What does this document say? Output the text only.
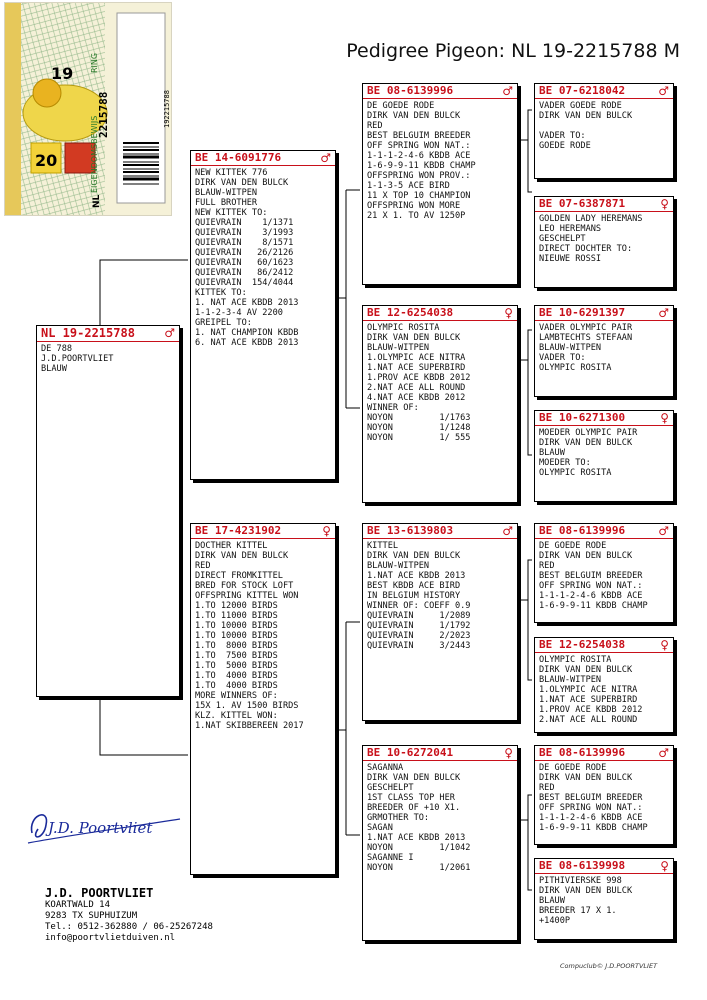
Pedigree Pigeon: NL 19-2215788 M
20
19
NL
2215788	192215788
EIGENDOMSBEWIJS
RING
NL 19-2215788 ♂
DE 788
J.D.POORTVLIET
BLAUW
BE 14-6091776	♂
NEW KITTEK 776
DIRK VAN DEN BULCK
BLAUW-WITPEN
FULL BROTHER
NEW KITTEK TO:
QUIEVRAIN    1/1371
QUIEVRAIN    3/1993
QUIEVRAIN    8/1571
QUIEVRAIN   26/2126
QUIEVRAIN   60/1623
QUIEVRAIN   86/2412
QUIEVRAIN  154/4044
KITTEK TO:
1. NAT ACE KBDB 2013
1-1-2-3-4 AV 2200
GREIPEL TO:
1. NAT CHAMPION KBDB
6. NAT ACE KBDB 2013
BE 17-4231902	♀
DOCTHER KITTEL
DIRK VAN DEN BULCK
RED
DIRECT FROMKITTEL
BRED FOR STOCK LOFT
OFFSPRING KITTEL WON
1.TO 12000 BIRDS
1.TO 11000 BIRDS
1.TO 10000 BIRDS
1.TO 10000 BIRDS
1.TO  8000 BIRDS
1.TO  7500 BIRDS
1.TO  5000 BIRDS
1.TO  4000 BIRDS
1.TO  4000 BIRDS
MORE WINNERS OF:
15X 1. AV 1500 BIRDS
KLZ. KITTEL WON:
1.NAT SKIBBEREEN 2017
BE 08-6139996	♂
DE GOEDE RODE
DIRK VAN DEN BULCK
RED
BEST BELGUIM BREEDER
OFF SPRING WON NAT.:
1-1-1-2-4-6 KBDB ACE
1-6-9-9-11 KBDB CHAMP
OFFSPRING WON PROV.:
1-1-3-5 ACE BIRD
11 X TOP 10 CHAMPION
OFFSPRING WON MORE
21 X 1. TO AV 1250P
BE 12-6254038	♀
OLYMPIC ROSITA
DIRK VAN DEN BULCK
BLAUW-WITPEN
1.OLYMPIC ACE NITRA
1.NAT ACE SUPERBIRD
1.PROV ACE KBDB 2012
2.NAT ACE ALL ROUND
4.NAT ACE KBDB 2012
WINNER OF:
NOYON         1/1763
NOYON         1/1248
NOYON         1/ 555
BE 13-6139803	♂
KITTEL
DIRK VAN DEN BULCK
BLAUW-WITPEN
1.NAT ACE KBDB 2013
BEST KBDB ACE BIRD
IN BELGIUM HISTORY
WINNER OF: COEFF 0.9
QUIEVRAIN     1/2089
QUIEVRAIN     1/1792
QUIEVRAIN     2/2023
QUIEVRAIN     3/2443
BE 10-6272041	♀
SAGANNA
DIRK VAN DEN BULCK
GESCHELPT
1ST CLASS TOP HER
BREEDER OF +10 X1.
GRMOTHER TO:
SAGAN
1.NAT ACE KBDB 2013
NOYON         1/1042
SAGANNE I
NOYON         1/2061
BE 07-6218042	♂
VADER GOEDE RODE
DIRK VAN DEN BULCK
VADER TO:
GOEDE RODE
BE 07-6387871	♀
GOLDEN LADY HEREMANS
LEO HEREMANS
GESCHELPT
DIRECT DOCHTER TO:
NIEUWE ROSSI
BE 10-6291397	♂
VADER OLYMPIC PAIR
LAMBTECHTS STEFAAN
BLAUW-WITPEN
VADER TO:
OLYMPIC ROSITA
BE 10-6271300	♀
MOEDER OLYMPIC PAIR
DIRK VAN DEN BULCK
BLAUW
MOEDER TO:
OLYMPIC ROSITA
BE 08-6139996	♂
DE GOEDE RODE
DIRK VAN DEN BULCK
RED
BEST BELGUIM BREEDER
OFF SPRING WON NAT.:
1-1-1-2-4-6 KBDB ACE
1-6-9-9-11 KBDB CHAMP
BE 12-6254038	♀
OLYMPIC ROSITA
DIRK VAN DEN BULCK
BLAUW-WITPEN
1.OLYMPIC ACE NITRA
1.NAT ACE SUPERBIRD
1.PROV ACE KBDB 2012
2.NAT ACE ALL ROUND
BE 08-6139996	♂
DE GOEDE RODE
DIRK VAN DEN BULCK
RED
BEST BELGUIM BREEDER
OFF SPRING WON NAT.:
1-1-1-2-4-6 KBDB ACE
1-6-9-9-11 KBDB CHAMP
BE 08-6139998	♀
PITHIVIERSKE 998
DIRK VAN DEN BULCK
BLAUW
BREEDER 17 X 1.
+1400P
J.D. Poortvliet
J.D. POORTVLIET
KOARTWALD 14
9283 TX SUPHUIZUM
Tel.: 0512-362880 / 06-25267248
info@poortvlietduiven.nl
Compuclub© J.D.POORTVLIET
